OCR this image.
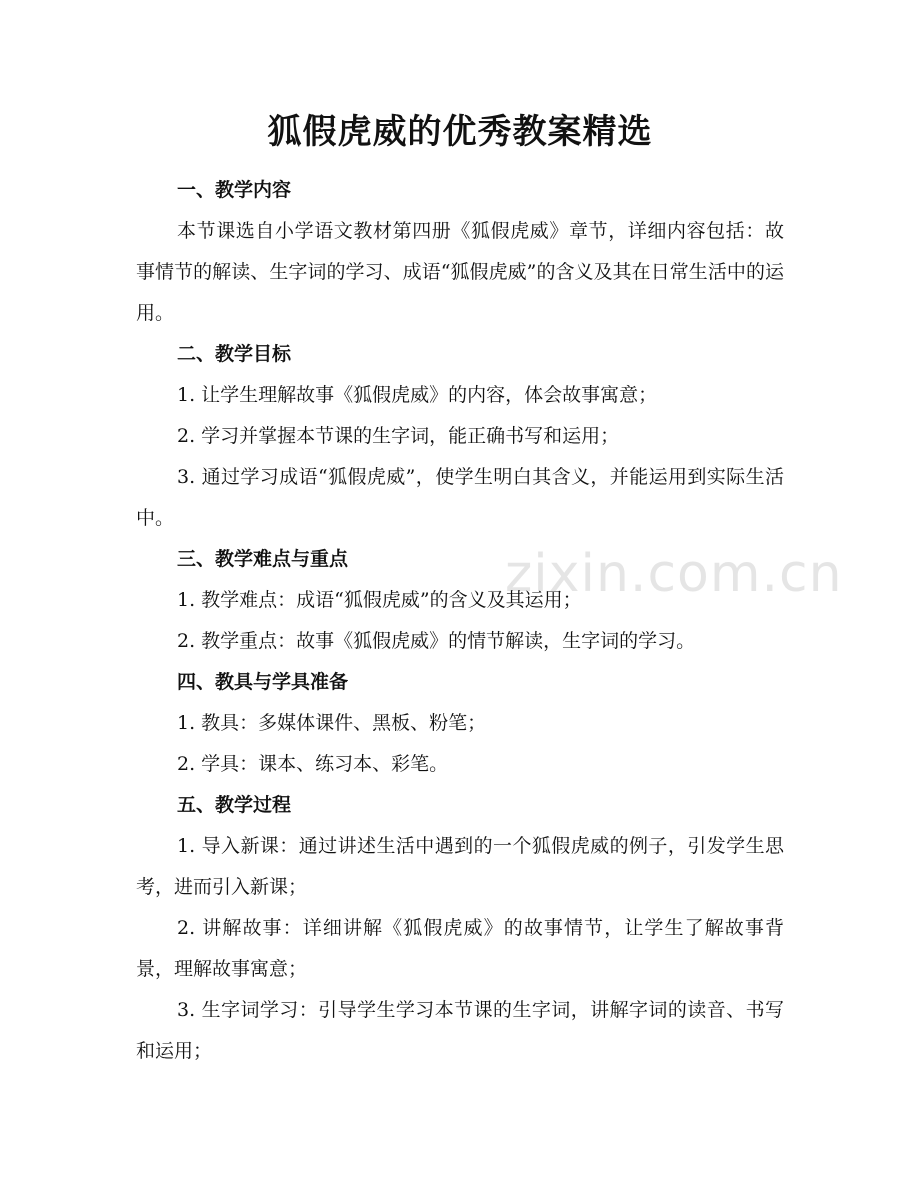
狐假虎威的优秀教案精选
zixin.com.cn

一、教学内容

本节课选自小学语文教材第四册《狐假虎威》章节，详细内容包括：故事情节的解读、生字词的学习、成语“狐假虎威”的含义及其在日常生活中的运用。

二、教学目标

1. 让学生理解故事《狐假虎威》的内容，体会故事寓意；

2. 学习并掌握本节课的生字词，能正确书写和运用；

3. 通过学习成语“狐假虎威”，使学生明白其含义，并能运用到实际生活中。

三、教学难点与重点

1. 教学难点：成语“狐假虎威”的含义及其运用；

2. 教学重点：故事《狐假虎威》的情节解读，生字词的学习。

四、教具与学具准备

1. 教具：多媒体课件、黑板、粉笔；

2. 学具：课本、练习本、彩笔。

五、教学过程

1. 导入新课：通过讲述生活中遇到的一个狐假虎威的例子，引发学生思考，进而引入新课；

2. 讲解故事：详细讲解《狐假虎威》的故事情节，让学生了解故事背景，理解故事寓意；

3. 生字词学习：引导学生学习本节课的生字词，讲解字词的读音、书写和运用；
